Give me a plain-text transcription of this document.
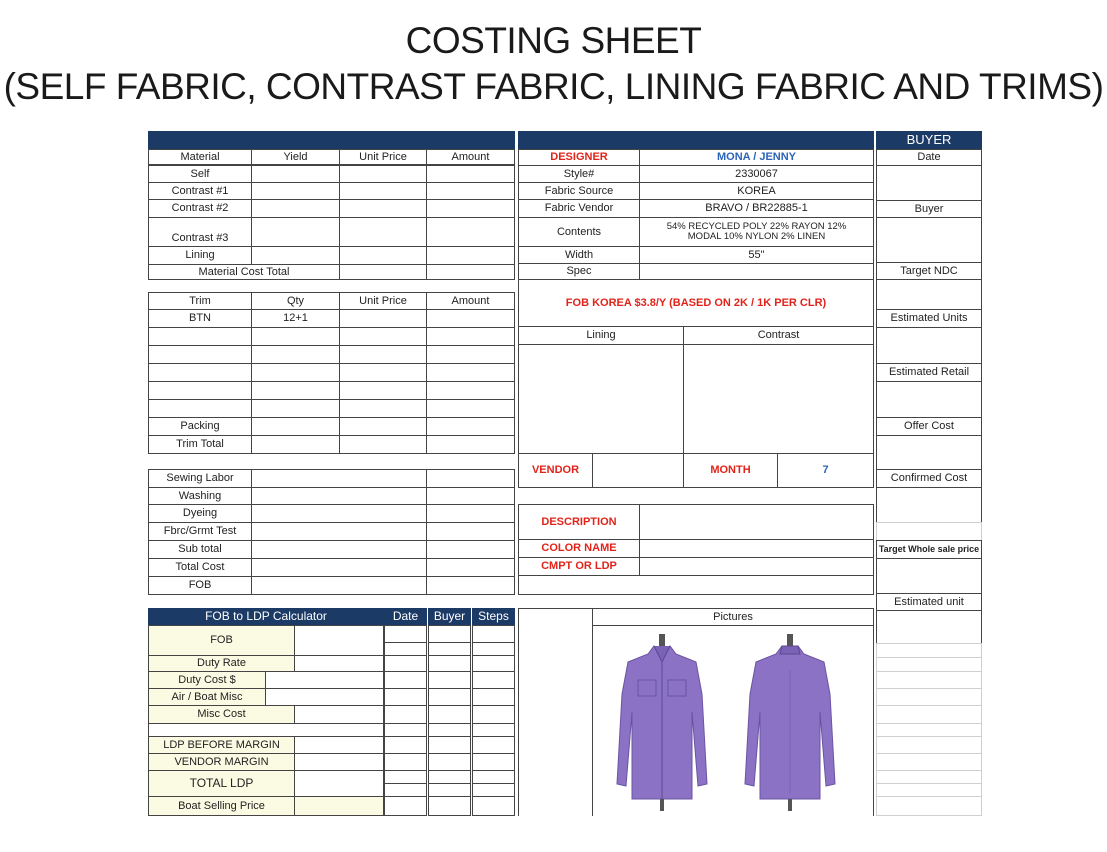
COSTING SHEET
(SELF FABRIC, CONTRAST FABRIC, LINING FABRIC AND TRIMS)
Material	Yield	Unit Price	Amount
Self
Contrast #1
Contrast #2
Contrast #3
Lining
Material Cost Total
Trim	Qty	Unit Price	Amount
BTN	12+1
Packing
Trim Total
Sewing Labor
Washing
Dyeing
Fbrc/Grmt Test
Sub total
Total Cost
FOB
FOB to LDP Calculator	Date	Buyer	Steps
FOB
Duty Rate
Duty Cost $
Air / Boat Misc
Misc Cost
LDP BEFORE MARGIN
VENDOR MARGIN
TOTAL LDP
Boat Selling Price
DESIGNER	MONA / JENNY
Style#	2330067
Fabric Source	KOREA
Fabric Vendor	BRAVO / BR22885-1
Contents	54% RECYCLED POLY 22% RAYON 12% MODAL 10% NYLON 2% LINEN
Width	55"
Spec
FOB KOREA $3.8/Y (BASED ON 2K / 1K PER CLR)
Lining	Contrast
VENDOR	MONTH	7
DESCRIPTION
COLOR NAME
CMPT OR LDP
Pictures
BUYER
Date
Buyer
Target NDC
Estimated Units
Estimated Retail
Offer Cost
Confirmed Cost
Target Whole sale price
Estimated unit
